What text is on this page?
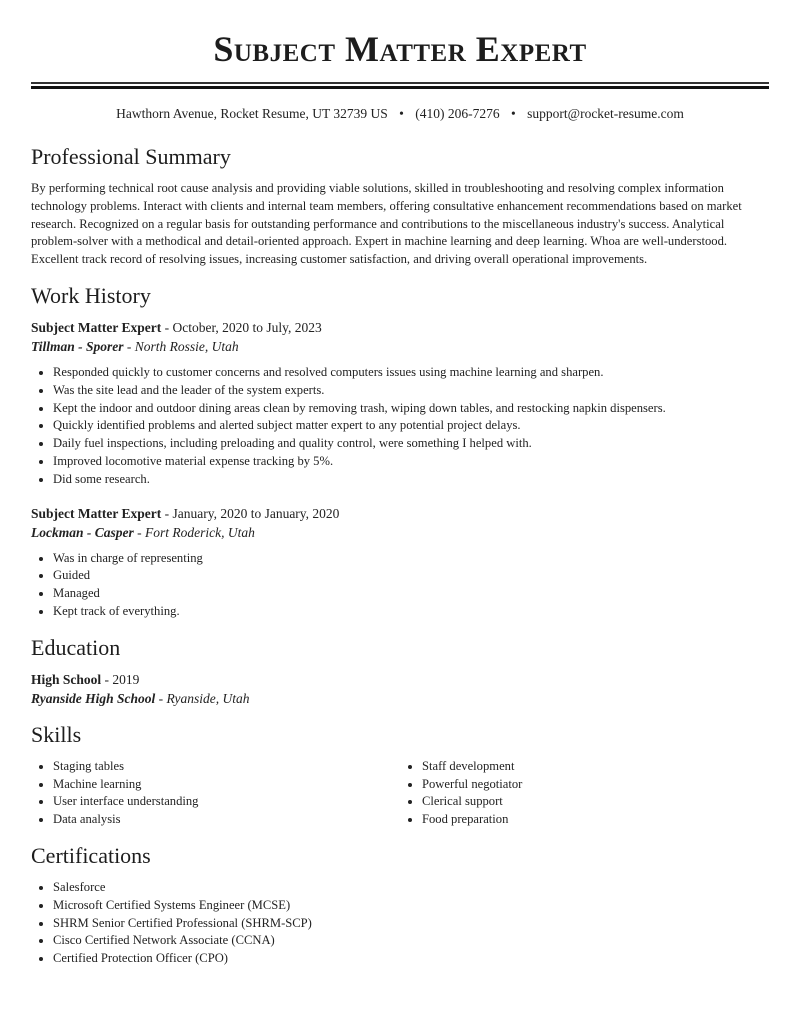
Subject Matter Expert
Hawthorn Avenue, Rocket Resume, UT 32739 US • (410) 206-7276 • support@rocket-resume.com
Professional Summary

By performing technical root cause analysis and providing viable solutions, skilled in troubleshooting and resolving complex information technology problems. Interact with clients and internal team members, offering consultative enhancement recommendations based on market research. Recognized on a regular basis for outstanding performance and contributions to the miscellaneous industry's success. Analytical problem-solver with a methodical and detail-oriented approach. Expert in machine learning and deep learning. Whoa are well-understood. Excellent track record of resolving issues, increasing customer satisfaction, and driving overall operational improvements.

Work History
Subject Matter Expert - October, 2020 to July, 2023
Tillman - Sporer - North Rossie, Utah
• Responded quickly to customer concerns and resolved computers issues using machine learning and sharpen.
• Was the site lead and the leader of the system experts.
• Kept the indoor and outdoor dining areas clean by removing trash, wiping down tables, and restocking napkin dispensers.
• Quickly identified problems and alerted subject matter expert to any potential project delays.
• Daily fuel inspections, including preloading and quality control, were something I helped with.
• Improved locomotive material expense tracking by 5%.
• Did some research.
Subject Matter Expert - January, 2020 to January, 2020
Lockman - Casper - Fort Roderick, Utah
• Was in charge of representing
• Guided
• Managed
• Kept track of everything.
Education
High School - 2019
Ryanside High School - Ryanside, Utah
Skills
• Staging tables
• Machine learning
• User interface understanding
• Data analysis
• Staff development
• Powerful negotiator
• Clerical support
• Food preparation
Certifications
• Salesforce
• Microsoft Certified Systems Engineer (MCSE)
• SHRM Senior Certified Professional (SHRM-SCP)
• Cisco Certified Network Associate (CCNA)
• Certified Protection Officer (CPO)
